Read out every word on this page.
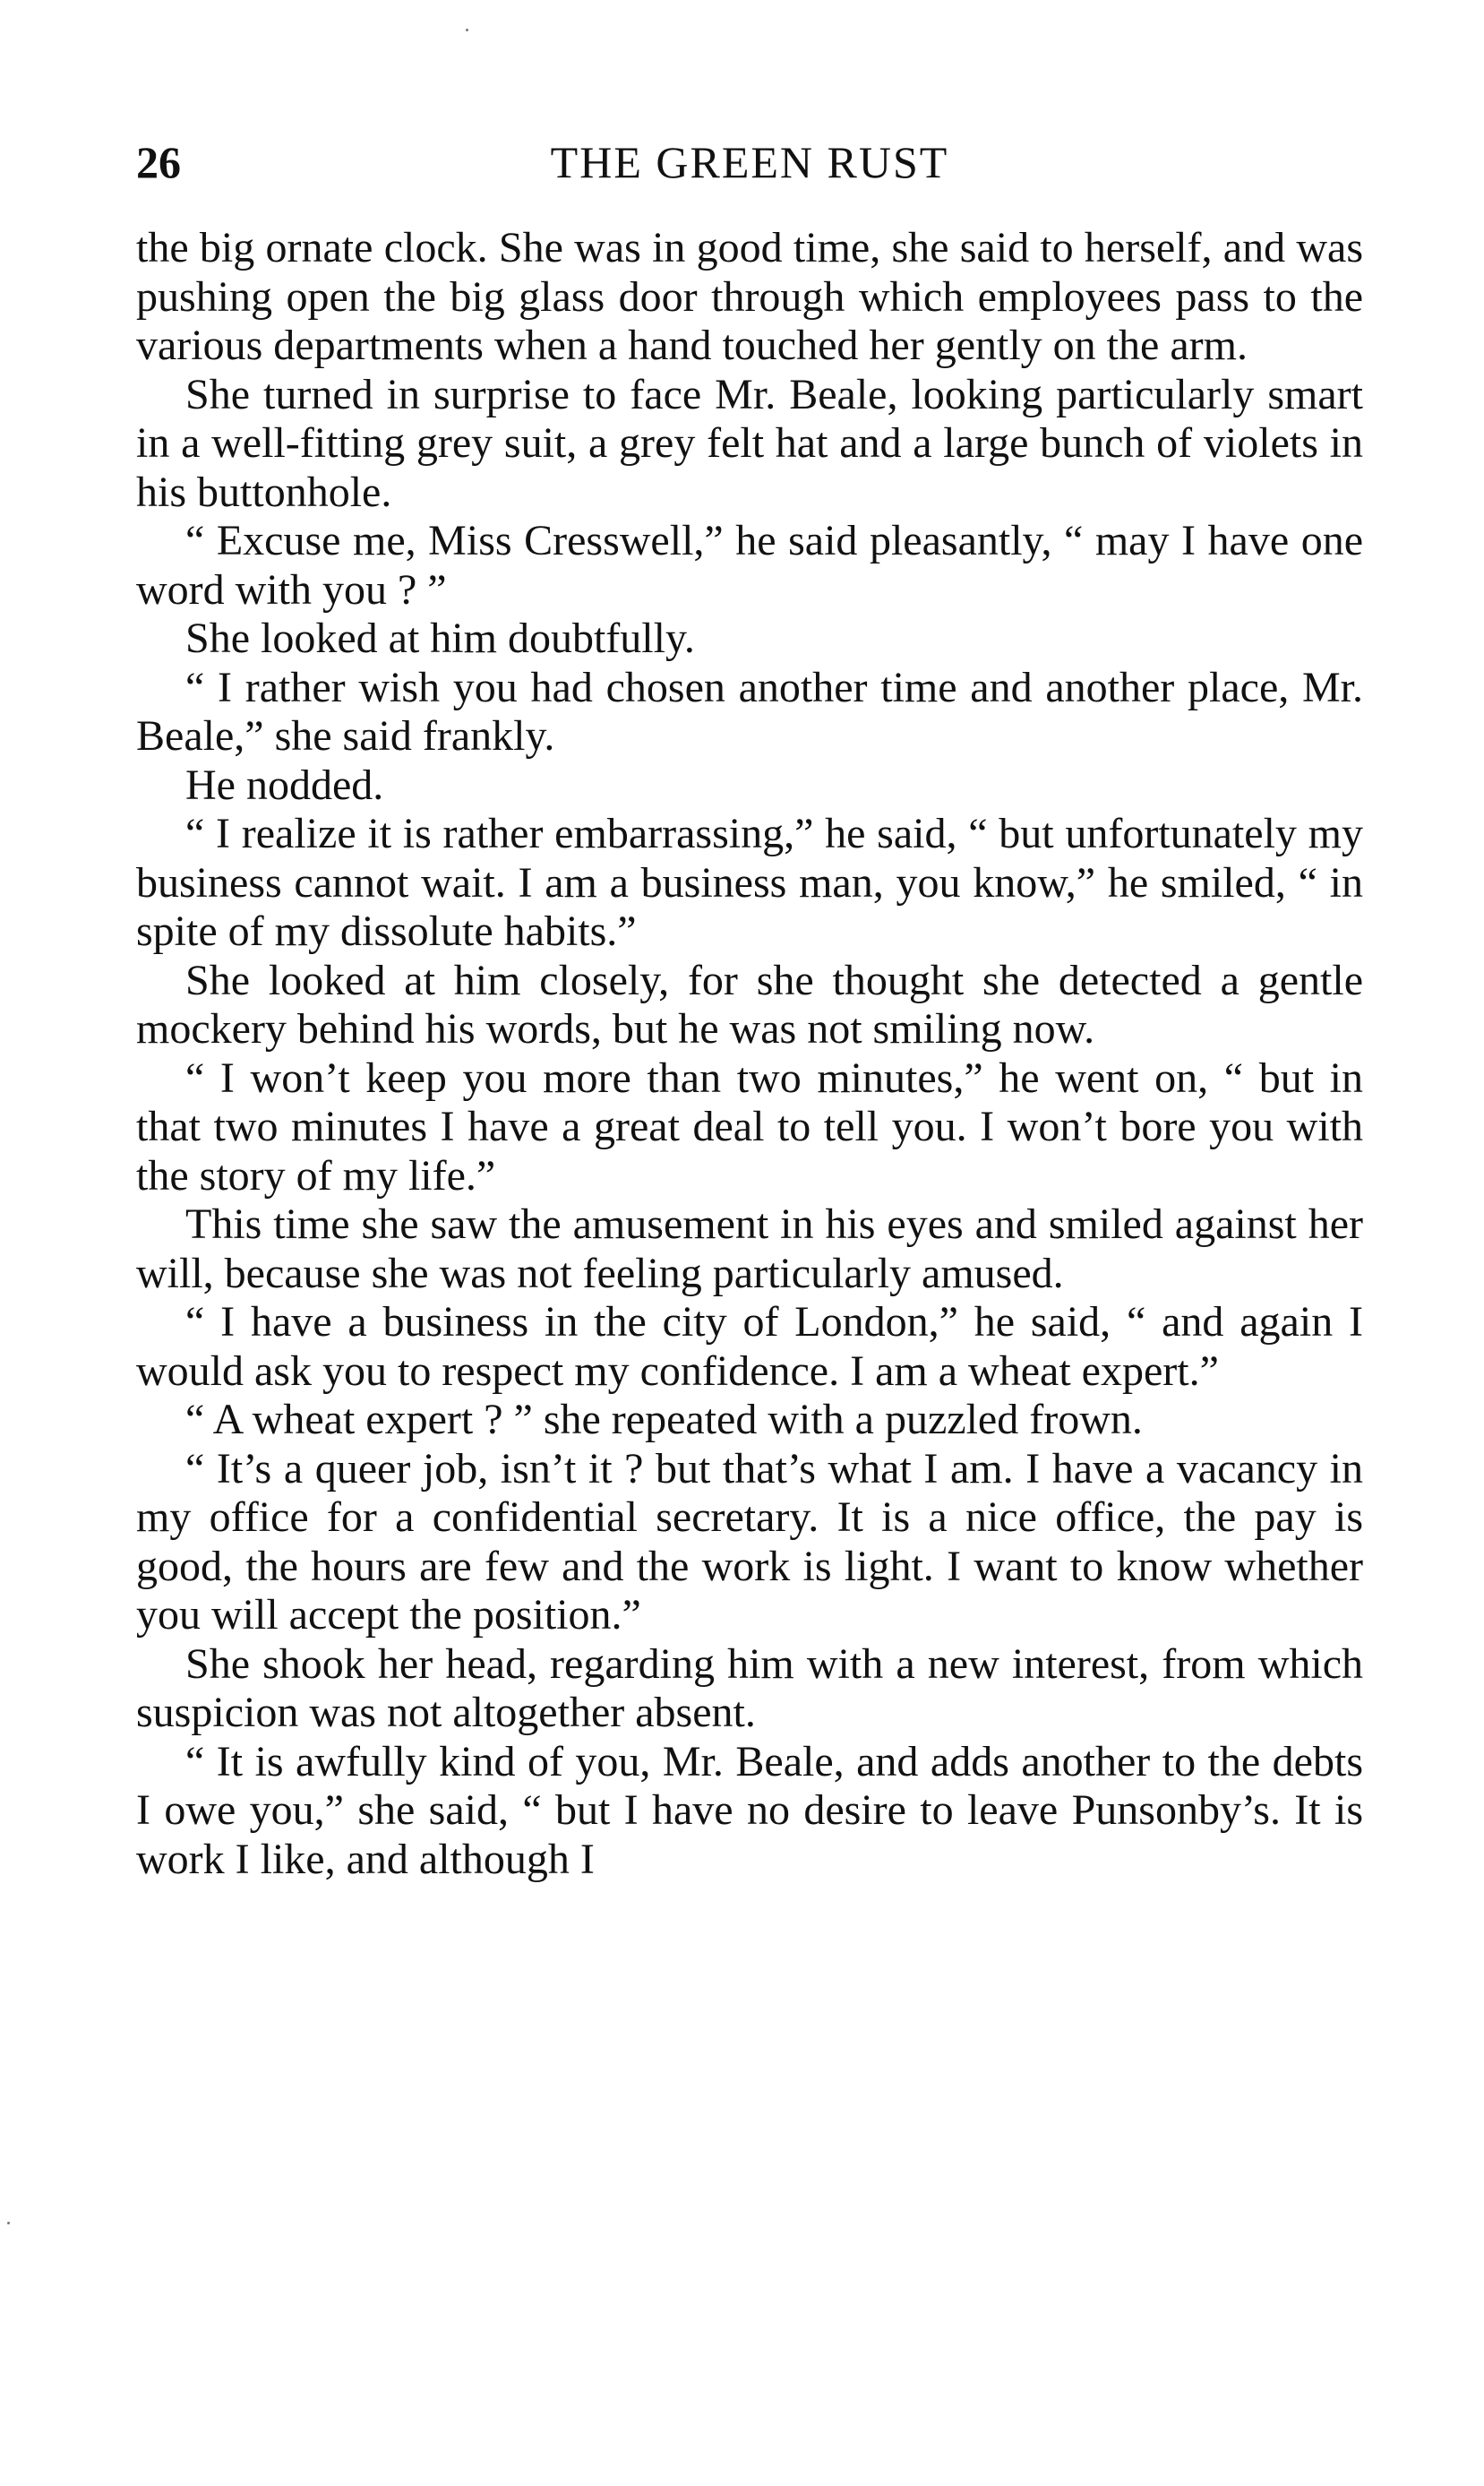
26	THE GREEN RUST

the big ornate clock. She was in good time, she said to herself, and was pushing open the big glass door through which employees pass to the various departments when a hand touched her gently on the arm.

She turned in surprise to face Mr. Beale, looking particularly smart in a well-fitting grey suit, a grey felt hat and a large bunch of violets in his buttonhole.

“ Excuse me, Miss Cresswell,” he said pleasantly, “ may I have one word with you ? ”

She looked at him doubtfully.

“ I rather wish you had chosen another time and another place, Mr. Beale,” she said frankly.

He nodded.

“ I realize it is rather embarrassing,” he said, “ but unfortunately my business cannot wait. I am a business man, you know,” he smiled, “ in spite of my dissolute habits.”

She looked at him closely, for she thought she detected a gentle mockery behind his words, but he was not smiling now.

“ I won’t keep you more than two minutes,” he went on, “ but in that two minutes I have a great deal to tell you. I won’t bore you with the story of my life.”

This time she saw the amusement in his eyes and smiled against her will, because she was not feeling particularly amused.

“ I have a business in the city of London,” he said, “ and again I would ask you to respect my confidence. I am a wheat expert.”

“ A wheat expert ? ” she repeated with a puzzled frown.

“ It’s a queer job, isn’t it ? but that’s what I am. I have a vacancy in my office for a confidential secretary. It is a nice office, the pay is good, the hours are few and the work is light. I want to know whether you will accept the position.”

She shook her head, regarding him with a new interest, from which suspicion was not altogether absent.

“ It is awfully kind of you, Mr. Beale, and adds another to the debts I owe you,” she said, “ but I have no desire to leave Punsonby’s. It is work I like, and although I
